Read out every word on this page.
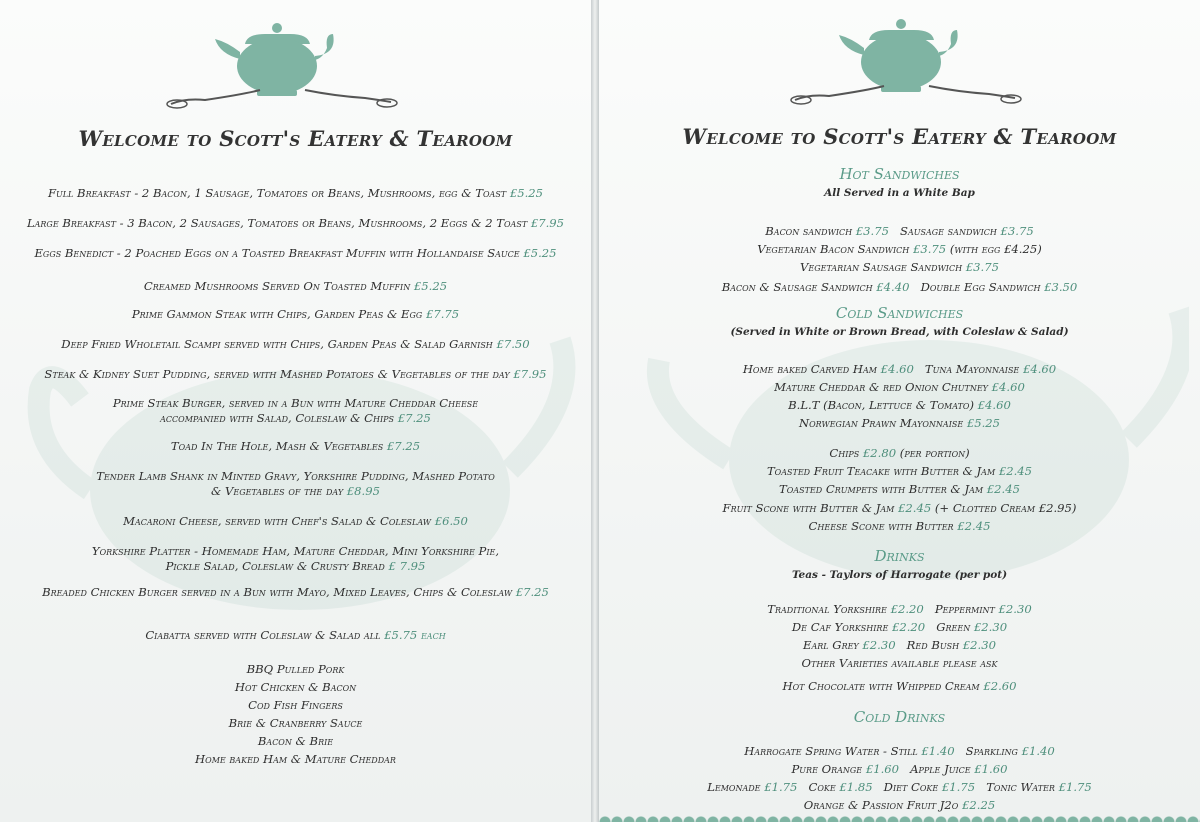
Welcome to Scott's Eatery & Tearoom
Full Breakfast - 2 Bacon, 1 Sausage, Tomatoes or Beans, Mushrooms, egg & Toast £5.25
Large Breakfast - 3 Bacon, 2 Sausages, Tomatoes or Beans, Mushrooms, 2 Eggs & 2 Toast £7.95
Eggs Benedict - 2 Poached Eggs on a Toasted Breakfast Muffin with Hollandaise Sauce £5.25
Creamed Mushrooms Served On Toasted Muffin £5.25
Prime Gammon Steak with Chips, Garden Peas & Egg £7.75
Deep Fried Wholetail Scampi served with Chips, Garden Peas & Salad Garnish £7.50
Steak & Kidney Suet Pudding, served with Mashed Potatoes & Vegetables of the day £7.95
Prime Steak Burger, served in a Bun with Mature Cheddar Cheese
accompanied with Salad, Coleslaw & Chips £7.25
Toad In The Hole, Mash & Vegetables £7.25
Tender Lamb Shank in Minted Gravy, Yorkshire Pudding, Mashed Potato
& Vegetables of the day £8.95
Macaroni Cheese, served with Chef's Salad & Coleslaw £6.50
Yorkshire Platter - Homemade Ham, Mature Cheddar, Mini Yorkshire Pie,
Pickle Salad, Coleslaw & Crusty Bread £ 7.95
Breaded Chicken Burger served in a Bun with Mayo, Mixed Leaves, Chips & Coleslaw £7.25
Ciabatta served with Coleslaw & Salad all £5.75 each
BBQ Pulled Pork
Hot Chicken & Bacon
Cod Fish Fingers
Brie & Cranberry Sauce
Bacon & Brie
Home baked Ham & Mature Cheddar
Welcome to Scott's Eatery & Tearoom
Hot Sandwiches
All Served in a White Bap
Bacon sandwich £3.75 Sausage sandwich £3.75
Vegetarian Bacon Sandwich £3.75 (with egg £4.25)
Vegetarian Sausage Sandwich £3.75
Bacon & Sausage Sandwich £4.40 Double Egg Sandwich £3.50
Cold Sandwiches
(Served in White or Brown Bread, with Coleslaw & Salad)
Home baked Carved Ham £4.60 Tuna Mayonnaise £4.60
Mature Cheddar & red Onion Chutney £4.60
B.L.T (Bacon, Lettuce & Tomato) £4.60
Norwegian Prawn Mayonnaise £5.25
Chips £2.80 (per portion)
Toasted Fruit Teacake with Butter & Jam £2.45
Toasted Crumpets with Butter & Jam £2.45
Fruit Scone with Butter & Jam £2.45 (+ Clotted Cream £2.95)
Cheese Scone with Butter £2.45
Drinks
Teas - Taylors of Harrogate (per pot)
Traditional Yorkshire £2.20 Peppermint £2.30
De Caf Yorkshire £2.20 Green £2.30
Earl Grey £2.30 Red Bush £2.30
Other Varieties available please ask
Hot Chocolate with Whipped Cream £2.60
Cold Drinks
Harrogate Spring Water - Still £1.40 Sparkling £1.40
Pure Orange £1.60 Apple Juice £1.60
Lemonade £1.75 Coke £1.85 Diet Coke £1.75 Tonic Water £1.75
Orange & Passion Fruit J2o £2.25
